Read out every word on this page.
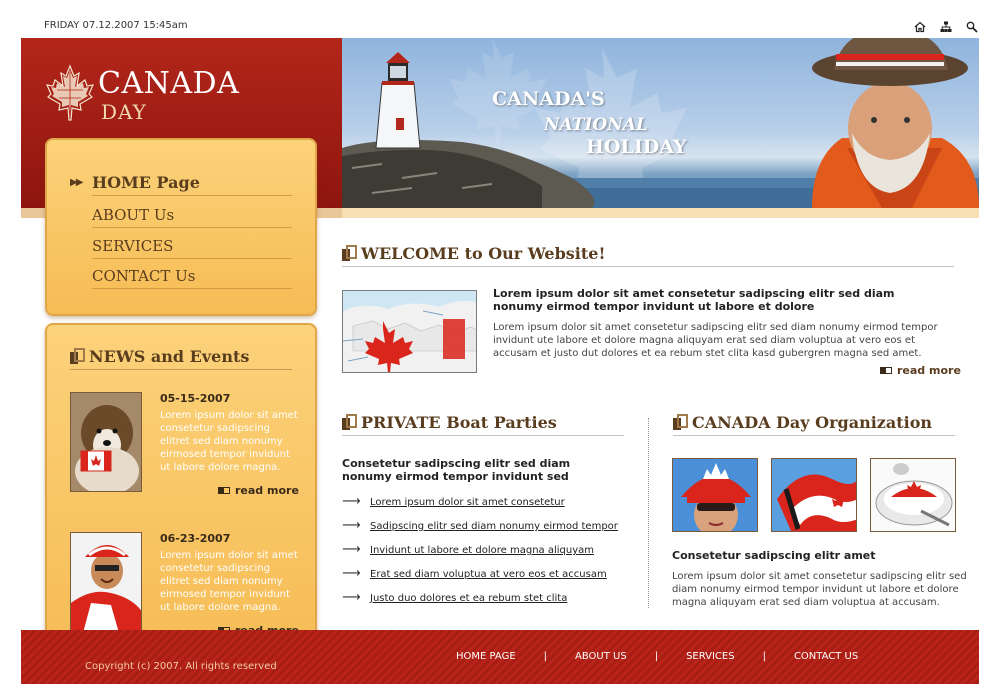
FRIDAY 07.12.2007 15:45am
CANADA
DAY
CANADA'S
NATIONAL
HOLIDAY
▶▶ HOME Page
ABOUT Us
SERVICES
CONTACT Us
NEWS and Events
05-15-2007
Lorem ipsum dolor sit amet consetetur sadipscing elitret sed diam nonumy eirmosed tempor invidunt ut labore dolore magna.
read more
06-23-2007
Lorem ipsum dolor sit amet consetetur sadipscing elitret sed diam nonumy eirmosed tempor invidunt ut labore dolore magna.
WELCOME to Our Website!
Lorem ipsum dolor sit amet consetetur sadipscing elitr sed diam nonumy eirmod tempor invidunt ut labore et dolore
Lorem ipsum dolor sit amet consetetur sadipscing elitr sed diam nonumy eirmod tempor invidunt ute labore et dolore magna aliquyam erat sed diam voluptua at vero eos et accusam et justo dut dolores et ea rebum stet clita kasd gubergren magna sed amet.
read more
PRIVATE Boat Parties
Consetetur sadipscing elitr sed diam nonumy eirmod tempor invidunt sed
⟶ Lorem ipsum dolor sit amet consetetur
⟶ Sadipscing elitr sed diam nonumy eirmod tempor
⟶ Invidunt ut labore et dolore magna aliquyam
⟶ Erat sed diam voluptua at vero eos et accusam
⟶ Justo duo dolores et ea rebum stet clita
CANADA Day Organization
Consetetur sadipscing elitr amet
Lorem ipsum dolor sit amet consetetur sadipscing elitr sed diam nonumy eirmod tempor invidunt ut labore et dolore magna aliquyam erat sed diam voluptua at accusam.
Copyright (c) 2007. All rights reserved
HOME PAGE	|	ABOUT US	|	SERVICES	|	CONTACT US
